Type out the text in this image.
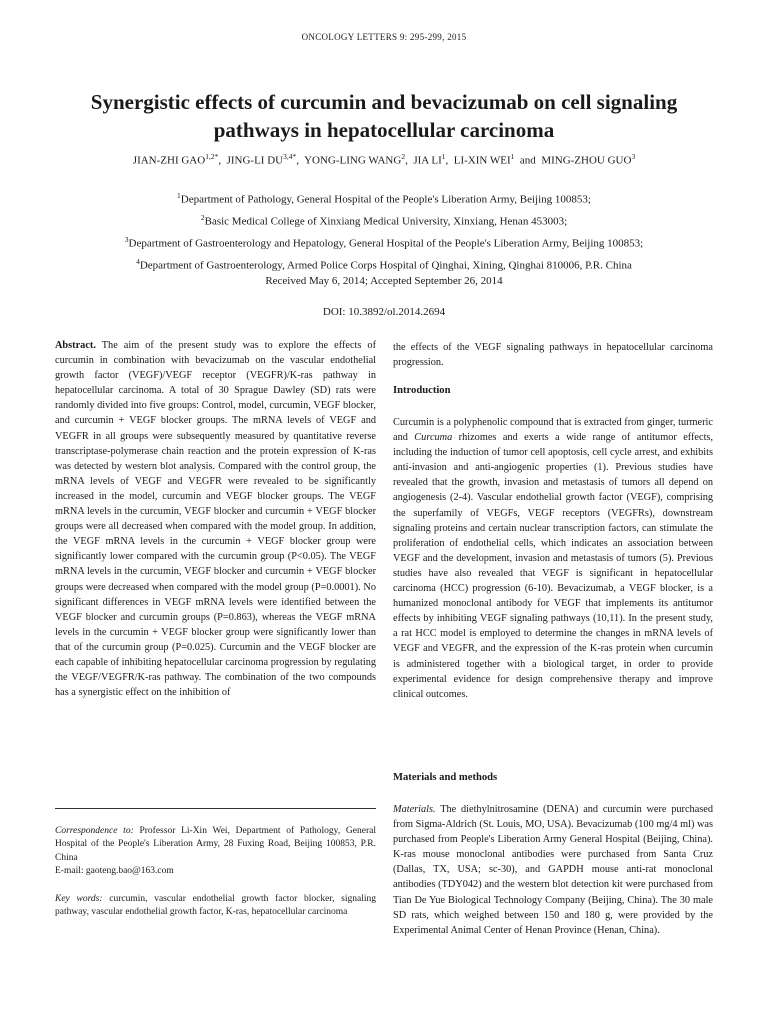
ONCOLOGY LETTERS 9: 295-299, 2015
Synergistic effects of curcumin and bevacizumab on cell signaling pathways in hepatocellular carcinoma
JIAN-ZHI $GAO^{1,2*}$, JING-LI $DU^{3,4*}$, YONG-LING WANG$^2$, JIA $LI^1$, LI-XIN WEI$^1$ and MING-ZHOU GUO$^3$
$^1$Department of Pathology, General Hospital of the People's Liberation Army, Beijing 100853;
$^2$Basic Medical College of Xinxiang Medical University, Xinxiang, Henan 453003;
$^3$Department of Gastroenterology and Hepatology, General Hospital of the People's Liberation Army, Beijing 100853;
$^4$Department of Gastroenterology, Armed Police Corps Hospital of Qinghai, Xining, Qinghai 810006, P.R. China
Received May 6, 2014; Accepted September 26, 2014
DOI: 10.3892/ol.2014.2694

Abstract. The aim of the present study was to explore the effects of curcumin in combination with bevacizumab on the vascular endothelial growth factor (VEGF)/VEGF receptor (VEGFR)/K-ras pathway in hepatocellular carcinoma. A total of 30 Sprague Dawley (SD) rats were randomly divided into five groups: Control, model, curcumin, VEGF blocker, and curcumin + VEGF blocker groups. The mRNA levels of VEGF and VEGFR in all groups were subsequently measured by quantitative reverse transcriptase-polymerase chain reaction and the protein expression of K-ras was detected by western blot analysis. Compared with the control group, the mRNA levels of VEGF and VEGFR were revealed to be significantly increased in the model, curcumin and VEGF blocker groups. The VEGF mRNA levels in the curcumin, VEGF blocker and curcumin + VEGF blocker groups were all decreased when compared with the model group. In addition, the VEGF mRNA levels in the curcumin + VEGF blocker group were significantly lower compared with the curcumin group (P<0.05). The VEGF mRNA levels in the curcumin, VEGF blocker and curcumin + VEGF blocker groups were decreased when compared with the model group (P=0.0001). No significant differences in VEGF mRNA levels were identified between the VEGF blocker and curcumin groups (P=0.863), whereas the VEGF mRNA levels in the curcumin + VEGF blocker group were significantly lower than that of the curcumin group (P=0.025). Curcumin and the VEGF blocker are each capable of inhibiting hepatocellular carcinoma progression by regulating the VEGF/VEGFR/K-ras pathway. The combination of the two compounds has a synergistic effect on the inhibition of

Correspondence to: Professor Li-Xin Wei, Department of Pathology, General Hospital of the People's Liberation Army, 28 Fuxing Road, Beijing 100853, P.R. China

E-mail: gaoteng.bao@163.com

Key words: curcumin, vascular endothelial growth factor blocker, signaling pathway, vascular endothelial growth factor, K-ras, hepatocellular carcinoma

the effects of the VEGF signaling pathways in hepatocellular carcinoma progression.

Introduction

Curcumin is a polyphenolic compound that is extracted from ginger, turmeric and Curcuma rhizomes and exerts a wide range of antitumor effects, including the induction of tumor cell apoptosis, cell cycle arrest, and exhibits anti-invasion and anti-angiogenic properties (1). Previous studies have revealed that the growth, invasion and metastasis of tumors all depend on angiogenesis (2-4). Vascular endothelial growth factor (VEGF), comprising the superfamily of VEGFs, VEGF receptors (VEGFRs), downstream signaling proteins and certain nuclear transcription factors, can stimulate the proliferation of endothelial cells, which indicates an association between VEGF and the development, invasion and metastasis of tumors (5). Previous studies have also revealed that VEGF is significant in hepatocellular carcinoma (HCC) progression (6-10). Bevacizumab, a VEGF blocker, is a humanized monoclonal antibody for VEGF that implements its antitumor effects by inhibiting VEGF signaling pathways (10,11). In the present study, a rat HCC model is employed to determine the changes in mRNA levels of VEGF and VEGFR, and the expression of the K-ras protein when curcumin is administered together with a biological target, in order to provide experimental evidence for design comprehensive therapy and improve clinical outcomes.

Materials and methods

Materials. The diethylnitrosamine (DENA) and curcumin were purchased from Sigma-Aldrich (St. Louis, MO, USA). Bevacizumab (100 mg/4 ml) was purchased from People's Liberation Army General Hospital (Beijing, China). K-ras mouse monoclonal antibodies were purchased from Santa Cruz (Dallas, TX, USA; sc-30), and GAPDH mouse anti-rat monoclonal antibodies (TDY042) and the western blot detection kit were purchased from Tian De Yue Biological Technology Company (Beijing, China). The 30 male SD rats, which weighed between 150 and 180 g, were provided by the Experimental Animal Center of Henan Province (Henan, China).
